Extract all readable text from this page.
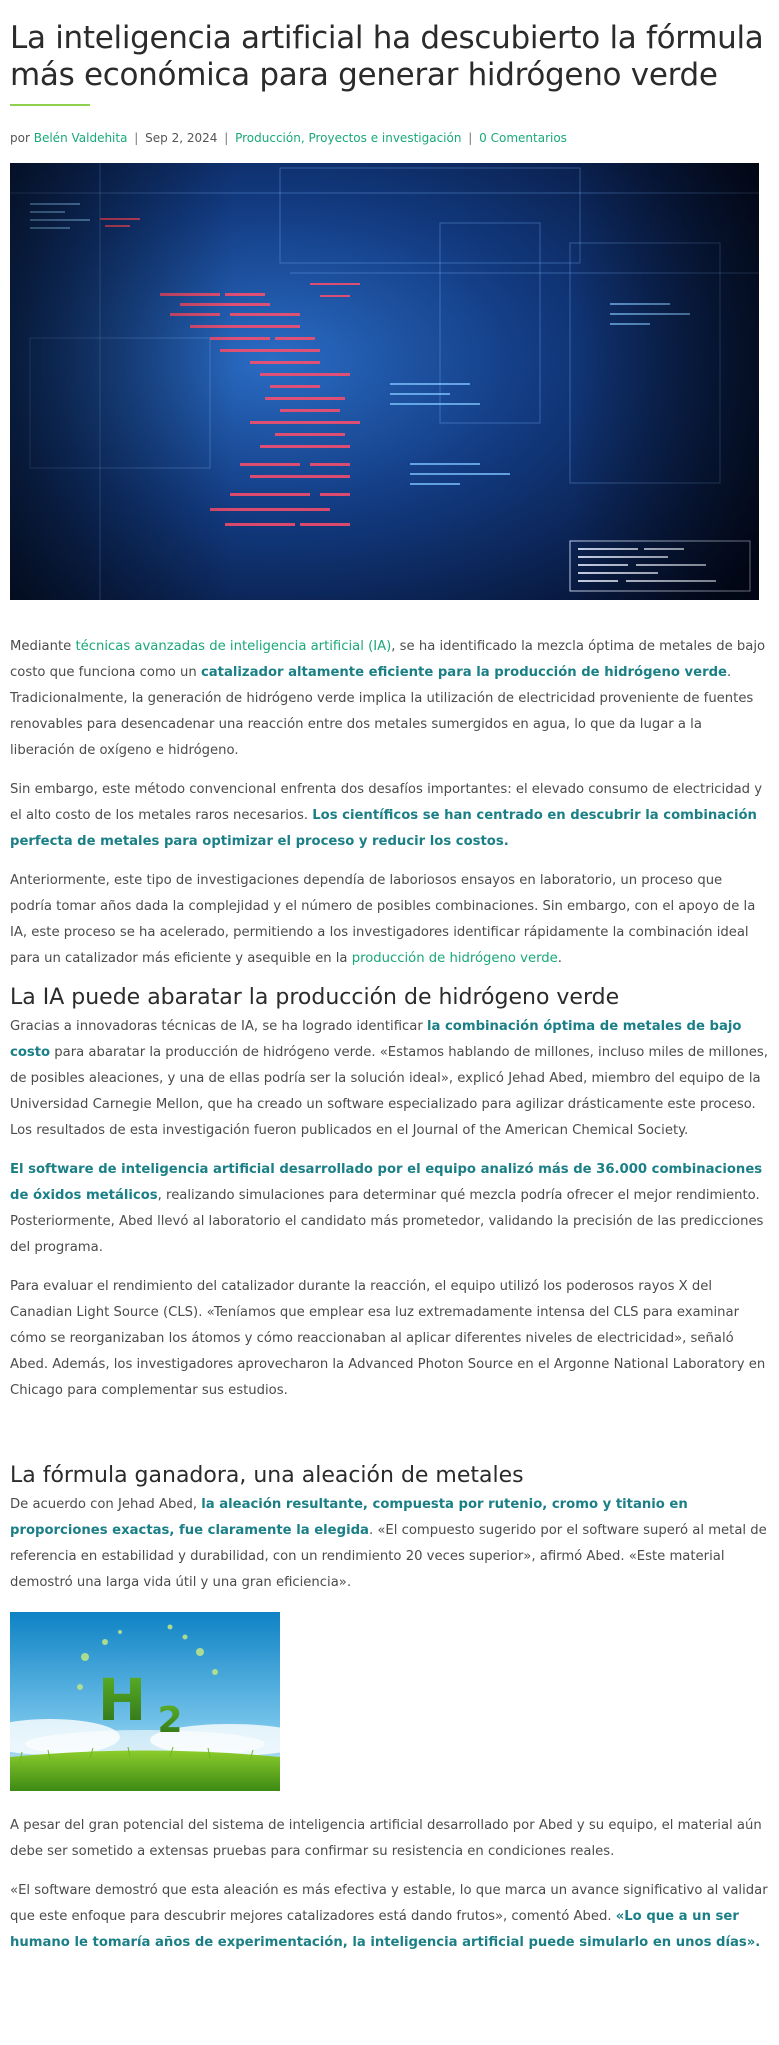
La inteligencia artificial ha descubierto la fórmula más económica para generar hidrógeno verde
por Belén Valdehita | Sep 2, 2024 | Producción, Proyectos e investigación | 0 Comentarios

Mediante técnicas avanzadas de inteligencia artificial (IA), se ha identificado la mezcla óptima de metales de bajo costo que funciona como un catalizador altamente eficiente para la producción de hidrógeno verde. Tradicionalmente, la generación de hidrógeno verde implica la utilización de electricidad proveniente de fuentes renovables para desencadenar una reacción entre dos metales sumergidos en agua, lo que da lugar a la liberación de oxígeno e hidrógeno.

Sin embargo, este método convencional enfrenta dos desafíos importantes: el elevado consumo de electricidad y el alto costo de los metales raros necesarios. Los científicos se han centrado en descubrir la combinación perfecta de metales para optimizar el proceso y reducir los costos.

Anteriormente, este tipo de investigaciones dependía de laboriosos ensayos en laboratorio, un proceso que podría tomar años dada la complejidad y el número de posibles combinaciones. Sin embargo, con el apoyo de la IA, este proceso se ha acelerado, permitiendo a los investigadores identificar rápidamente la combinación ideal para un catalizador más eficiente y asequible en la producción de hidrógeno verde.

La IA puede abaratar la producción de hidrógeno verde

Gracias a innovadoras técnicas de IA, se ha logrado identificar la combinación óptima de metales de bajo costo para abaratar la producción de hidrógeno verde. «Estamos hablando de millones, incluso miles de millones, de posibles aleaciones, y una de ellas podría ser la solución ideal», explicó Jehad Abed, miembro del equipo de la Universidad Carnegie Mellon, que ha creado un software especializado para agilizar drásticamente este proceso. Los resultados de esta investigación fueron publicados en el Journal of the American Chemical Society.

El software de inteligencia artificial desarrollado por el equipo analizó más de 36.000 combinaciones de óxidos metálicos, realizando simulaciones para determinar qué mezcla podría ofrecer el mejor rendimiento. Posteriormente, Abed llevó al laboratorio el candidato más prometedor, validando la precisión de las predicciones del programa.

Para evaluar el rendimiento del catalizador durante la reacción, el equipo utilizó los poderosos rayos X del Canadian Light Source (CLS). «Teníamos que emplear esa luz extremadamente intensa del CLS para examinar cómo se reorganizaban los átomos y cómo reaccionaban al aplicar diferentes niveles de electricidad», señaló Abed. Además, los investigadores aprovecharon la Advanced Photon Source en el Argonne National Laboratory en Chicago para complementar sus estudios.

La fórmula ganadora, una aleación de metales

De acuerdo con Jehad Abed, la aleación resultante, compuesta por rutenio, cromo y titanio en proporciones exactas, fue claramente la elegida. «El compuesto sugerido por el software superó al metal de referencia en estabilidad y durabilidad, con un rendimiento 20 veces superior», afirmó Abed. «Este material demostró una larga vida útil y una gran eficiencia».

H 2

A pesar del gran potencial del sistema de inteligencia artificial desarrollado por Abed y su equipo, el material aún debe ser sometido a extensas pruebas para confirmar su resistencia en condiciones reales.

«El software demostró que esta aleación es más efectiva y estable, lo que marca un avance significativo al validar que este enfoque para descubrir mejores catalizadores está dando frutos», comentó Abed. «Lo que a un ser humano le tomaría años de experimentación, la inteligencia artificial puede simularlo en unos días».
